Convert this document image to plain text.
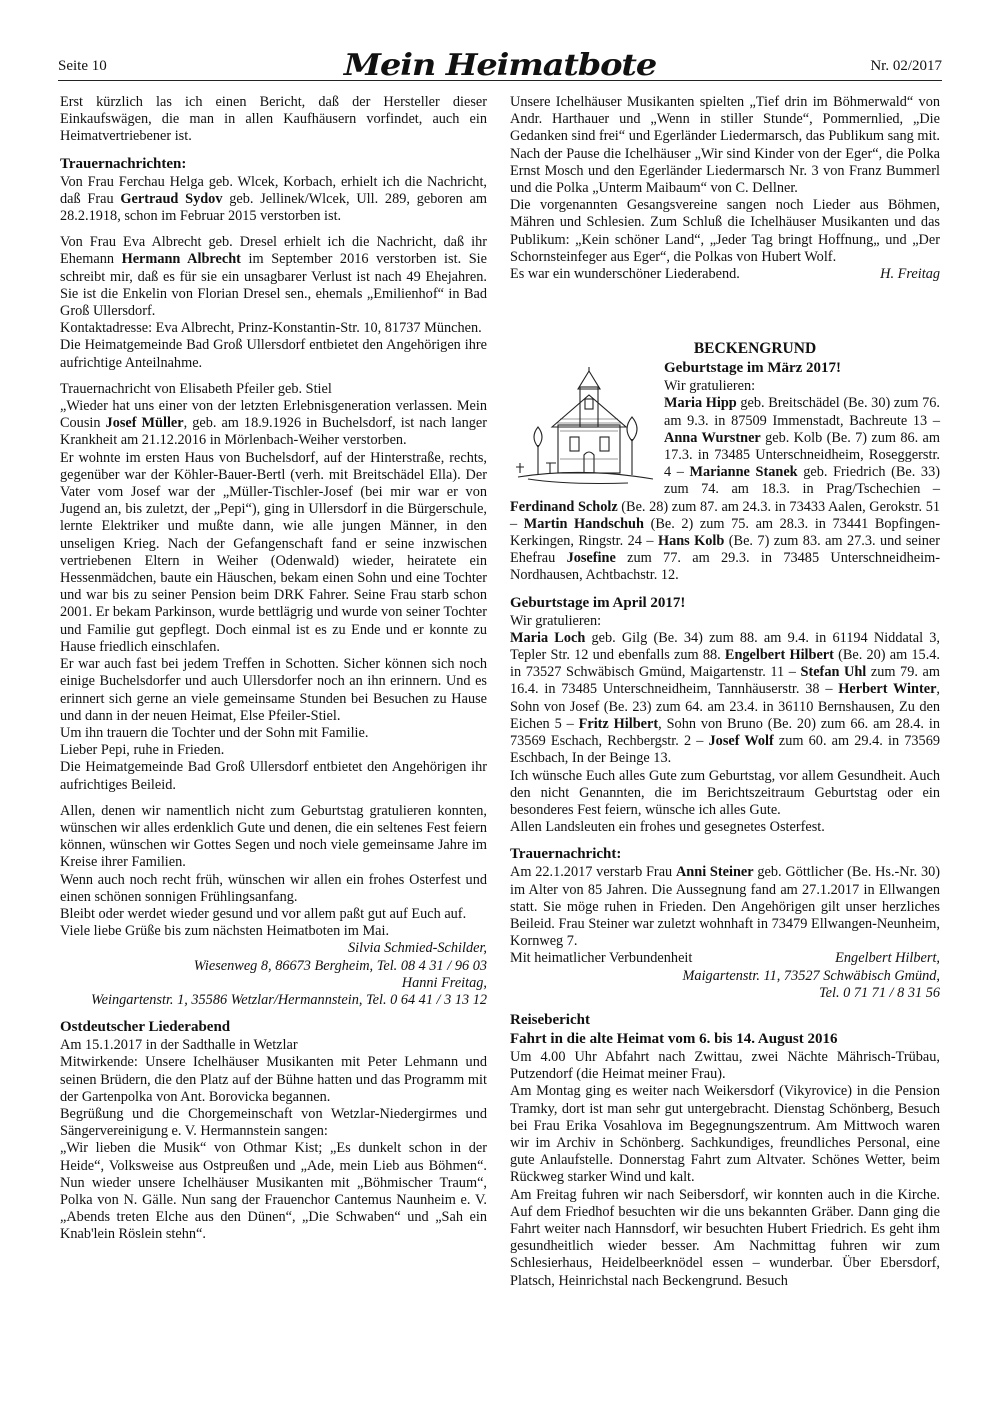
Seite 10	Mein Heimatbote	Nr. 02/2017

Erst kürzlich las ich einen Bericht, daß der Hersteller dieser Einkaufswägen, die man in allen Kaufhäusern vorfindet, auch ein Heimatvertriebener ist.

Trauernachrichten:

Von Frau Ferchau Helga geb. Wlcek, Korbach, erhielt ich die Nachricht, daß Frau Gertraud Sydov geb. Jellinek/Wlcek, Ull. 289, geboren am 28.2.1918, schon im Februar 2015 verstorben ist.

Von Frau Eva Albrecht geb. Dresel erhielt ich die Nachricht, daß ihr Ehemann Hermann Albrecht im September 2016 verstorben ist. Sie schreibt mir, daß es für sie ein unsagbarer Verlust ist nach 49 Ehejahren. Sie ist die Enkelin von Florian Dresel sen., ehemals „Emilienhof“ in Bad Groß Ullersdorf.

Kontaktadresse: Eva Albrecht, Prinz-Konstantin-Str. 10, 81737 München.

Die Heimatgemeinde Bad Groß Ullersdorf entbietet den Angehörigen ihre aufrichtige Anteilnahme.

Trauernachricht von Elisabeth Pfeiler geb. Stiel

„Wieder hat uns einer von der letzten Erlebnisgeneration verlassen. Mein Cousin Josef Müller, geb. am 18.9.1926 in Buchelsdorf, ist nach langer Krankheit am 21.12.2016 in Mörlenbach-Weiher verstorben.

Er wohnte im ersten Haus von Buchelsdorf, auf der Hinterstraße, rechts, gegenüber war der Köhler-Bauer-Bertl (verh. mit Breitschädel Ella). Der Vater vom Josef war der „Müller-Tischler-Josef (bei mir war er von Jugend an, bis zuletzt, der „Pepi“), ging in Ullersdorf in die Bürgerschule, lernte Elektriker und mußte dann, wie alle jungen Männer, in den unseligen Krieg. Nach der Gefangenschaft fand er seine inzwischen vertriebenen Eltern in Weiher (Odenwald) wieder, heiratete ein Hessenmädchen, baute ein Häuschen, bekam einen Sohn und eine Tochter und war bis zu seiner Pension beim DRK Fahrer. Seine Frau starb schon 2001. Er bekam Parkinson, wurde bettlägrig und wurde von seiner Tochter und Familie gut gepflegt. Doch einmal ist es zu Ende und er konnte zu Hause friedlich einschlafen.

Er war auch fast bei jedem Treffen in Schotten. Sicher können sich noch einige Buchelsdorfer und auch Ullersdorfer noch an ihn erinnern. Und es erinnert sich gerne an viele gemeinsame Stunden bei Besuchen zu Hause und dann in der neuen Heimat, Else Pfeiler-Stiel.

Um ihn trauern die Tochter und der Sohn mit Familie.

Lieber Pepi, ruhe in Frieden.

Die Heimatgemeinde Bad Groß Ullersdorf entbietet den Angehörigen ihr aufrichtiges Beileid.

Allen, denen wir namentlich nicht zum Geburtstag gratulieren konnten, wünschen wir alles erdenklich Gute und denen, die ein seltenes Fest feiern können, wünschen wir Gottes Segen und noch viele gemeinsame Jahre im Kreise ihrer Familien.

Wenn auch noch recht früh, wünschen wir allen ein frohes Osterfest und einen schönen sonnigen Frühlingsanfang.

Bleibt oder werdet wieder gesund und vor allem paßt gut auf Euch auf.

Viele liebe Grüße bis zum nächsten Heimatboten im Mai.

Silvia Schmied-Schilder,

Wiesenweg 8, 86673 Bergheim, Tel. 08 4 31 / 96 03

Hanni Freitag,

Weingartenstr. 1, 35586 Wetzlar/Hermannstein, Tel. 0 64 41 / 3 13 12

Ostdeutscher Liederabend

Am 15.1.2017 in der Sadthalle in Wetzlar

Mitwirkende: Unsere Ichelhäuser Musikanten mit Peter Lehmann und seinen Brüdern, die den Platz auf der Bühne hatten und das Programm mit der Gartenpolka von Ant. Borovicka begannen.

Begrüßung und die Chorgemeinschaft von Wetzlar-Niedergirmes und Sängervereinigung e. V. Hermannstein sangen:

„Wir lieben die Musik“ von Othmar Kist; „Es dunkelt schon in der Heide“, Volksweise aus Ostpreußen und „Ade, mein Lieb aus Böhmen“. Nun wieder unsere Ichelhäuser Musikanten mit „Böhmischer Traum“, Polka von N. Gälle. Nun sang der Frauenchor Cantemus Naunheim e. V. „Abends treten Elche aus den Dünen“, „Die Schwaben“ und „Sah ein Knab'lein Röslein stehn“.

Unsere Ichelhäuser Musikanten spielten „Tief drin im Böhmerwald“ von Andr. Harthauer und „Wenn in stiller Stunde“, Pommernlied, „Die Gedanken sind frei“ und Egerländer Liedermarsch, das Publikum sang mit. Nach der Pause die Ichelhäuser „Wir sind Kinder von der Eger“, die Polka Ernst Mosch und den Egerländer Liedermarsch Nr. 3 von Franz Bummerl und die Polka „Unterm Maibaum“ von C. Dellner.

Die vorgenannten Gesangsvereine sangen noch Lieder aus Böhmen, Mähren und Schlesien. Zum Schluß die Ichelhäuser Musikanten und das Publikum: „Kein schöner Land“, „Jeder Tag bringt Hoffnung„ und „Der Schornsteinfeger aus Eger“, die Polkas von Hubert Wolf.

Es war ein wunderschöner Liederabend.	H. Freitag

BECKENGRUND
Geburtstage im März 2017!

Wir gratulieren:

Maria Hipp geb. Breitschädel (Be. 30) zum 76. am 9.3. in 87509 Immenstadt, Bachreute 13 – Anna Wurstner geb. Kolb (Be. 7) zum 86. am 17.3. in 73485 Unterschneidheim, Roseggerstr. 4 – Marianne Stanek geb. Friedrich (Be. 33) zum 74. am 18.3. in Prag/Tschechien – Ferdinand Scholz (Be. 28) zum 87. am 24.3. in 73433 Aalen, Gerokstr. 51 – Martin Handschuh (Be. 2) zum 75. am 28.3. in 73441 Bopfingen-Kerkingen, Ringstr. 24 – Hans Kolb (Be. 7) zum 83. am 27.3. und seiner Ehefrau Josefine zum 77. am 29.3. in 73485 Unterschneidheim-Nordhausen, Achtbachstr. 12.

Geburtstage im April 2017!

Wir gratulieren:

Maria Loch geb. Gilg (Be. 34) zum 88. am 9.4. in 61194 Niddatal 3, Tepler Str. 12 und ebenfalls zum 88. Engelbert Hilbert (Be. 20) am 15.4. in 73527 Schwäbisch Gmünd, Maigartenstr. 11 – Stefan Uhl zum 79. am 16.4. in 73485 Unterschneidheim, Tannhäuserstr. 38 – Herbert Winter, Sohn von Josef (Be. 23) zum 64. am 23.4. in 36110 Bernshausen, Zu den Eichen 5 – Fritz Hilbert, Sohn von Bruno (Be. 20) zum 66. am 28.4. in 73569 Eschach, Rechbergstr. 2 – Josef Wolf zum 60. am 29.4. in 73569 Eschbach, In der Beinge 13.

Ich wünsche Euch alles Gute zum Geburtstag, vor allem Gesundheit. Auch den nicht Genannten, die im Berichtszeitraum Geburtstag oder ein besonderes Fest feiern, wünsche ich alles Gute.

Allen Landsleuten ein frohes und gesegnetes Osterfest.

Trauernachricht:

Am 22.1.2017 verstarb Frau Anni Steiner geb. Göttlicher (Be. Hs.-Nr. 30) im Alter von 85 Jahren. Die Aussegnung fand am 27.1.2017 in Ellwangen statt. Sie möge ruhen in Frieden. Den Angehörigen gilt unser herzliches Beileid. Frau Steiner war zuletzt wohnhaft in 73479 Ellwangen-Neunheim, Kornweg 7.

Mit heimatlicher Verbundenheit	Engelbert Hilbert,

Maigartenstr. 11, 73527 Schwäbisch Gmünd,

Tel. 0 71 71 / 8 31 56

Reisebericht
Fahrt in die alte Heimat vom 6. bis 14. August 2016

Um 4.00 Uhr Abfahrt nach Zwittau, zwei Nächte Mährisch-Trübau, Putzendorf (die Heimat meiner Frau).

Am Montag ging es weiter nach Weikersdorf (Vikyrovice) in die Pension Tramky, dort ist man sehr gut untergebracht. Dienstag Schönberg, Besuch bei Frau Erika Vosahlova im Begegnungszentrum. Am Mittwoch waren wir im Archiv in Schönberg. Sachkundiges, freundliches Personal, eine gute Anlaufstelle. Donnerstag Fahrt zum Altvater. Schönes Wetter, beim Rückweg starker Wind und kalt.

Am Freitag fuhren wir nach Seibersdorf, wir konnten auch in die Kirche. Auf dem Friedhof besuchten wir die uns bekannten Gräber. Dann ging die Fahrt weiter nach Hannsdorf, wir besuchten Hubert Friedrich. Es geht ihm gesundheitlich wieder besser. Am Nachmittag fuhren wir zum Schlesierhaus, Heidelbeerknödel essen – wunderbar. Über Ebersdorf, Platsch, Heinrichstal nach Beckengrund. Besuch
